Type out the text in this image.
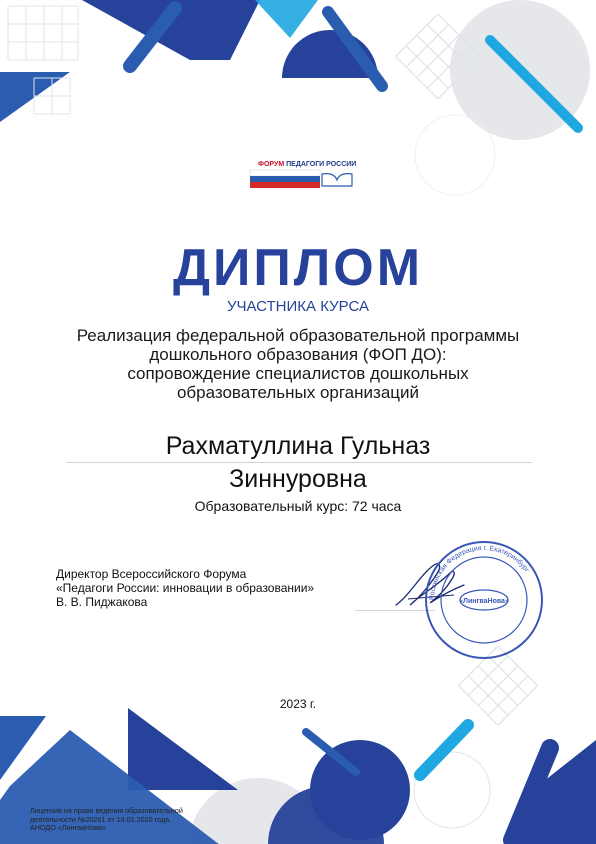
ФОРУМ ПЕДАГОГИ РОССИИ
ДИПЛОМ
УЧАСТНИКА КУРСА
Реализация федеральной образовательной программы
дошкольного образования (ФОП ДО):
сопровождение специалистов дошкольных
образовательных организаций
Рахматуллина Гульназ
Зиннуровна
Образовательный курс: 72 часа
Директор Всероссийского Форума
«Педагоги России: инновации в образовании»
В. В. Пиджакова	Российская Федерация г. Екатеринбург
«ЛингваНова»
2023 г.
Лицензия на право ведения образовательной
деятельности №20201 от 19.01.2020 года.
АНОДО «ЛингваНова»
